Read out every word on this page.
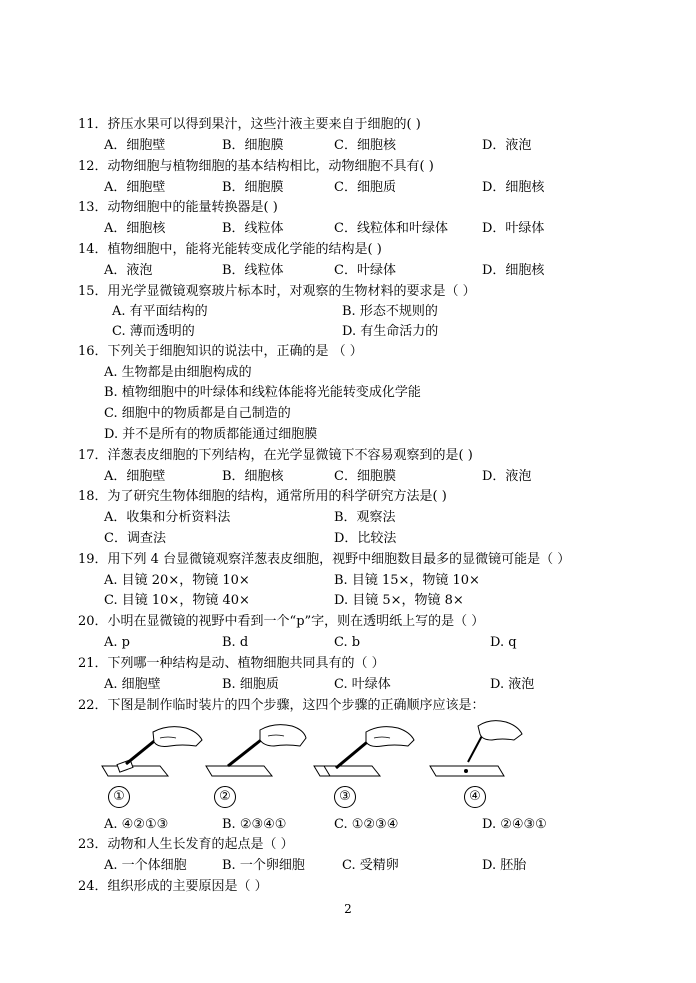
11．挤压水果可以得到果汁，这些汁液主要来自于细胞的( )
A．细胞壁	B．细胞膜	C．细胞核	D．液泡
12．动物细胞与植物细胞的基本结构相比，动物细胞不具有( )
A．细胞壁	B．细胞膜	C．细胞质	D．细胞核
13．动物细胞中的能量转换器是( )
A．细胞核	B．线粒体	C．线粒体和叶绿体	D．叶绿体
14．植物细胞中，能将光能转变成化学能的结构是( )
A．液泡	B．线粒体	C．叶绿体	D．细胞核
15．用光学显微镜观察玻片标本时，对观察的生物材料的要求是（ ）
A. 有平面结构的	B. 形态不规则的
C. 薄而透明的	D. 有生命活力的
16．下列关于细胞知识的说法中，正确的是 （ ）
A. 生物都是由细胞构成的
B. 植物细胞中的叶绿体和线粒体能将光能转变成化学能
C. 细胞中的物质都是自己制造的
D. 并不是所有的物质都能通过细胞膜
17．洋葱表皮细胞的下列结构，在光学显微镜下不容易观察到的是( )
A．细胞壁	B．细胞核	C．细胞膜	D．液泡
18．为了研究生物体细胞的结构，通常所用的科学研究方法是( )
A．收集和分析资料法	B．观察法
C．调查法	D．比较法
19．用下列 4 台显微镜观察洋葱表皮细胞，视野中细胞数目最多的显微镜可能是（ ）
A. 目镜 20×，物镜 10×	B. 目镜 15×，物镜 10×
C. 目镜 10×，物镜 40×	D. 目镜 5×，物镜 8×
20．小明在显微镜的视野中看到一个“p”字，则在透明纸上写的是（ ）
A. p	B. d	C. b	D. q
21．下列哪一种结构是动、植物细胞共同具有的（ ）
A. 细胞壁	B. 细胞质	C. 叶绿体	D. 液泡
22．下图是制作临时装片的四个步骤，这四个步骤的正确顺序应该是：
①	②	③	④
A. ④②①③	B. ②③④①	C. ①②③④	D. ②④③①
23．动物和人生长发育的起点是（ ）
A. 一个体细胞	B. 一个卵细胞	C. 受精卵	D. 胚胎
24．组织形成的主要原因是（ ）
2
